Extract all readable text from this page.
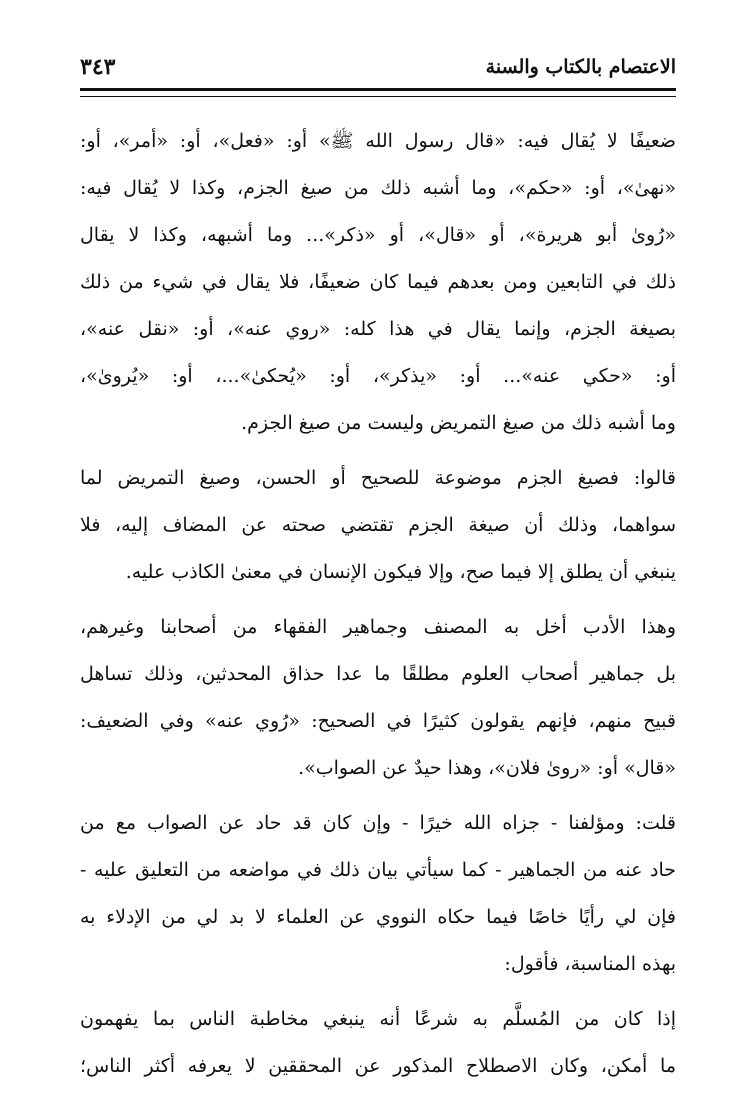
الاعتصام بالكتاب والسنة
٣٤٣
ضعيفًا لا يُقال فيه: «قال رسول الله ﷺ» أو: «فعل»، أو: «أمر»، أو:
«نهىٰ»، أو: «حكم»، وما أشبه ذلك من صيغ الجزم، وكذا لا يُقال فيه:
«رُوىٰ أبو هريرة»، أو «قال»، أو «ذكر»... وما أشبهه، وكذا لا يقال
ذلك في التابعين ومن بعدهم فيما كان ضعيفًا، فلا يقال في شيء من ذلك
بصيغة الجزم، وإنما يقال في هذا كله: «روي عنه»، أو: «نقل عنه»،
أو: «حكي عنه»... أو: «يذكر»، أو: «يُحكىٰ»...، أو: «يُروىٰ»،
وما أشبه ذلك من صيغ التمريض وليست من صيغ الجزم.
قالوا: فصيغ الجزم موضوعة للصحيح أو الحسن، وصيغ التمريض لما
سواهما، وذلك أن صيغة الجزم تقتضي صحته عن المضاف إليه، فلا
ينبغي أن يطلق إلا فيما صح، وإلا فيكون الإنسان في معنىٰ الكاذب عليه.
وهذا الأدب أخل به المصنف وجماهير الفقهاء من أصحابنا وغيرهم،
بل جماهير أصحاب العلوم مطلقًا ما عدا حذاق المحدثين، وذلك تساهل
قبيح منهم، فإنهم يقولون كثيرًا في الصحيح: «رُوي عنه» وفي الضعيف:
«قال» أو: «روىٰ فلان»، وهذا حيدٌ عن الصواب».
قلت: ومؤلفنا - جزاه الله خيرًا - وإن كان قد حاد عن الصواب مع من
حاد عنه من الجماهير - كما سيأتي بيان ذلك في مواضعه من التعليق عليه -
فإن لي رأيًا خاصًا فيما حكاه النووي عن العلماء لا بد لي من الإدلاء به
بهذه المناسبة، فأقول:
إذا كان من المُسلَّم به شرعًا أنه ينبغي مخاطبة الناس بما يفهمون
ما أمكن، وكان الاصطلاح المذكور عن المحققين لا يعرفه أكثر الناس؛
